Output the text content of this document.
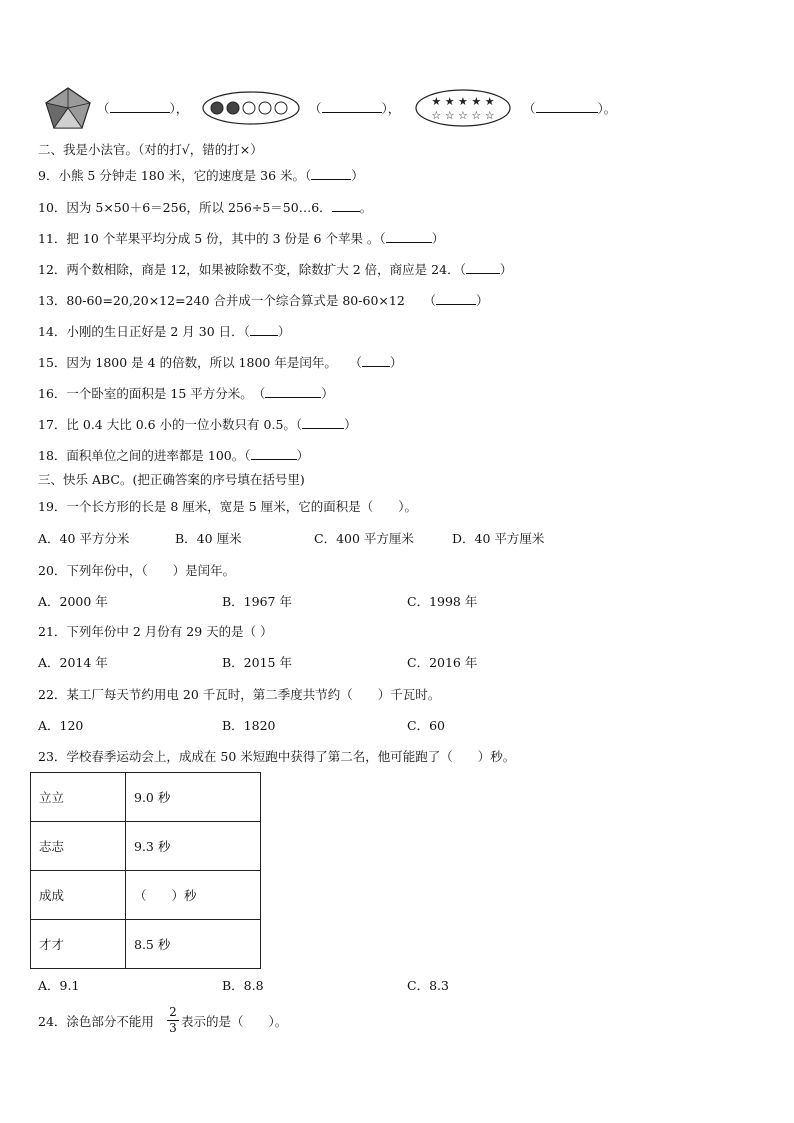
（	），	（	），	★ ★ ★ ★ ★
☆ ☆ ☆ ☆ ☆ （	）。
二、我是小法官。（对的打√，错的打×）
9．小熊 5 分钟走 180 米，它的速度是 36 米。（	）
10．因为 5×50＋6＝256，所以 256÷5＝50…6． 。
11．把 10 个苹果平均分成 5 份，其中的 3 份是 6 个苹果 。（	）
12．两个数相除，商是 12，如果被除数不变，除数扩大 2 倍，商应是 24．（	）
13．80-60=20,20×12=240 合并成一个综合算式是 80-60×12　　（	）
14．小刚的生日正好是 2 月 30 日．（ ）
15．因为 1800 是 4 的倍数，所以 1800 年是闰年。　　（ ）
16．一个卧室的面积是 15 平方分米。　（	）
17．比 0.4 大比 0.6 小的一位小数只有 0.5。（	）
18．面积单位之间的进率都是 100。（	）
三、快乐 ABC。(把正确答案的序号填在括号里)
19．一个长方形的长是 8 厘米，宽是 5 厘米，它的面积是（　　）。
A．40 平方分米	B．40 厘米	C．400 平方厘米	D．40 平方厘米
20．下列年份中，（　　）是闰年。
A．2000 年	B．1967 年	C．1998 年
21．下列年份中 2 月份有 29 天的是（ ）
A．2014 年	B．2015 年	C．2016 年
22．某工厂每天节约用电 20 千瓦时，第二季度共节约（　　）千瓦时。
A．120	B．1820	C．60
23．学校春季运动会上，成成在 50 米短跑中获得了第二名，他可能跑了（　　）秒。
立立	9.0 秒
志志	9.3 秒
成成	（　　）秒
才才	8.5 秒
A．9.1	B．8.8	C．8.3
24．涂色部分不能用
2
3 表示的是（　　）。
